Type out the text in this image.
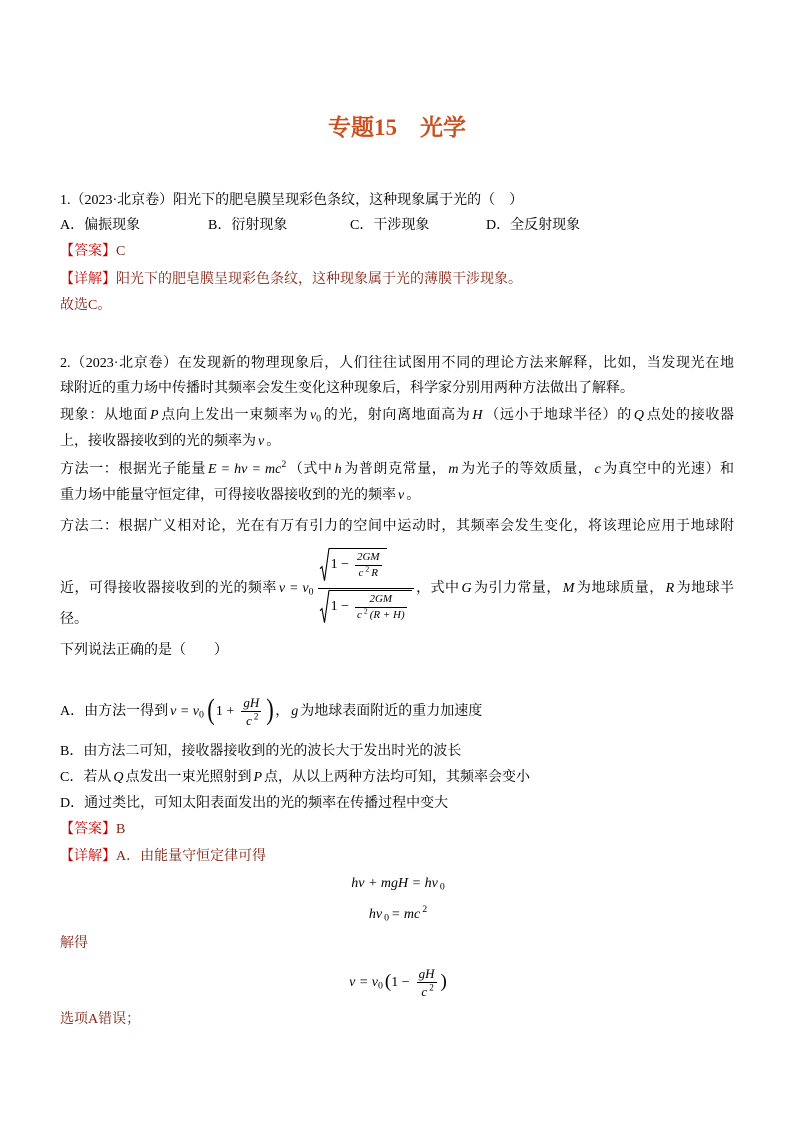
专题15　光学
1.（2023·北京卷）阳光下的肥皂膜呈现彩色条纹，这种现象属于光的（　）
A．偏振现象	B．衍射现象	C．干涉现象	D．全反射现象
【答案】C
【详解】阳光下的肥皂膜呈现彩色条纹，这种现象属于光的薄膜干涉现象。
故选C。
2.（2023·北京卷）在发现新的物理现象后，人们往往试图用不同的理论方法来解释，比如，当发现光在地
球附近的重力场中传播时其频率会发生变化这种现象后，科学家分别用两种方法做出了解释。
现象：从地面 P 点向上发出一束频率为 $\nu_0$ 的光，射向离地面高为 H （远小于地球半径）的 Q 点处的接收器
上，接收器接收到的光的频率为 ν 。
方法一：根据光子能量 $E = h\nu = mc^2$ （式中 h 为普朗克常量， m 为光子的等效质量， c 为真空中的光速）和
重力场中能量守恒定律，可得接收器接收到的光的频率 ν 。
方法二：根据广义相对论，光在有万有引力的空间中运动时，其频率会发生变化，将该理论应用于地球附
近，可得接收器接收到的光的频率 $\nu = \nu_0 \frac{1 - \frac{2GM}{c ^2 R}}{1 - \frac{2GM}{c ^2 (R + H)}}$ ，式中 G 为引力常量， M 为地球质量， R 为地球半
径。
下列说法正确的是（　　）
A．由方法一得到 $\nu = \nu_0$ ($1 + \frac{gH}{c ^2}$ )， g 为地球表面附近的重力加速度
B．由方法二可知，接收器接收到的光的波长大于发出时光的波长
C．若从 Q 点发出一束光照射到 P 点，从以上两种方法均可知，其频率会变小
D．通过类比，可知太阳表面发出的光的频率在传播过程中变大
【答案】B
【详解】A．由能量守恒定律可得
hν + mgH = hν $_0$
hν $_0$ = mc $^2$
解得
$\nu = \nu_0$ ($1 - \frac{gH}{c ^2}$ )
选项A错误；
